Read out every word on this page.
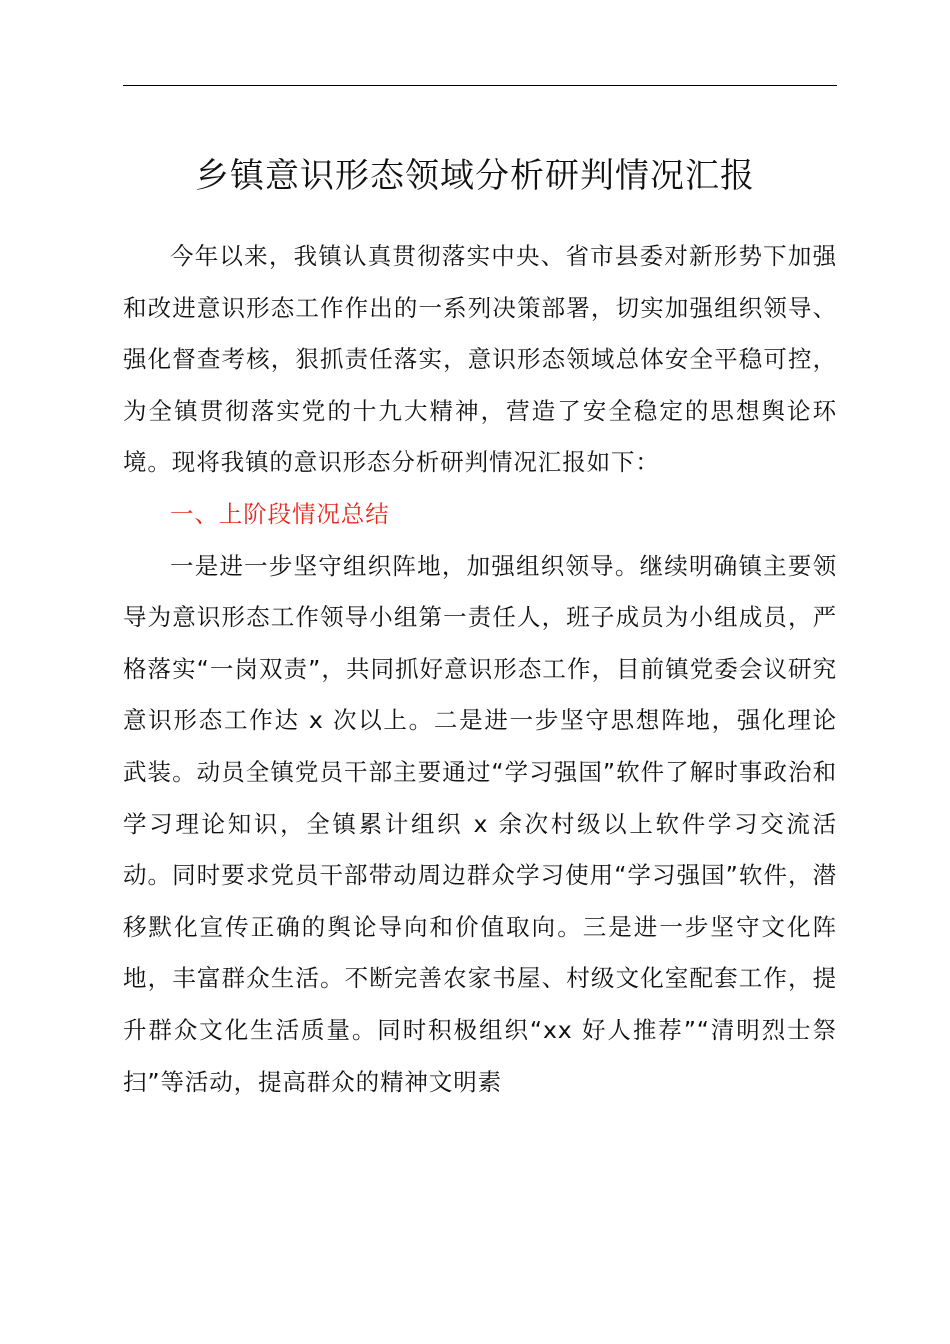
乡镇意识形态领域分析研判情况汇报

今年以来，我镇认真贯彻落实中央、省市县委对新形势下加强和改进意识形态工作作出的一系列决策部署，切实加强组织领导、强化督查考核，狠抓责任落实，意识形态领域总体安全平稳可控，为全镇贯彻落实党的十九大精神，营造了安全稳定的思想舆论环境。现将我镇的意识形态分析研判情况汇报如下：

一、上阶段情况总结

一是进一步坚守组织阵地，加强组织领导。继续明确镇主要领导为意识形态工作领导小组第一责任人，班子成员为小组成员，严格落实“一岗双责”，共同抓好意识形态工作，目前镇党委会议研究意识形态工作达 x 次以上。二是进一步坚守思想阵地，强化理论武装。动员全镇党员干部主要通过“学习强国”软件了解时事政治和学习理论知识，全镇累计组织 x 余次村级以上软件学习交流活动。同时要求党员干部带动周边群众学习使用“学习强国”软件，潜移默化宣传正确的舆论导向和价值取向。三是进一步坚守文化阵地，丰富群众生活。不断完善农家书屋、村级文化室配套工作，提升群众文化生活质量。同时积极组织“xx 好人推荐”“清明烈士祭扫”等活动，提高群众的精神文明素
